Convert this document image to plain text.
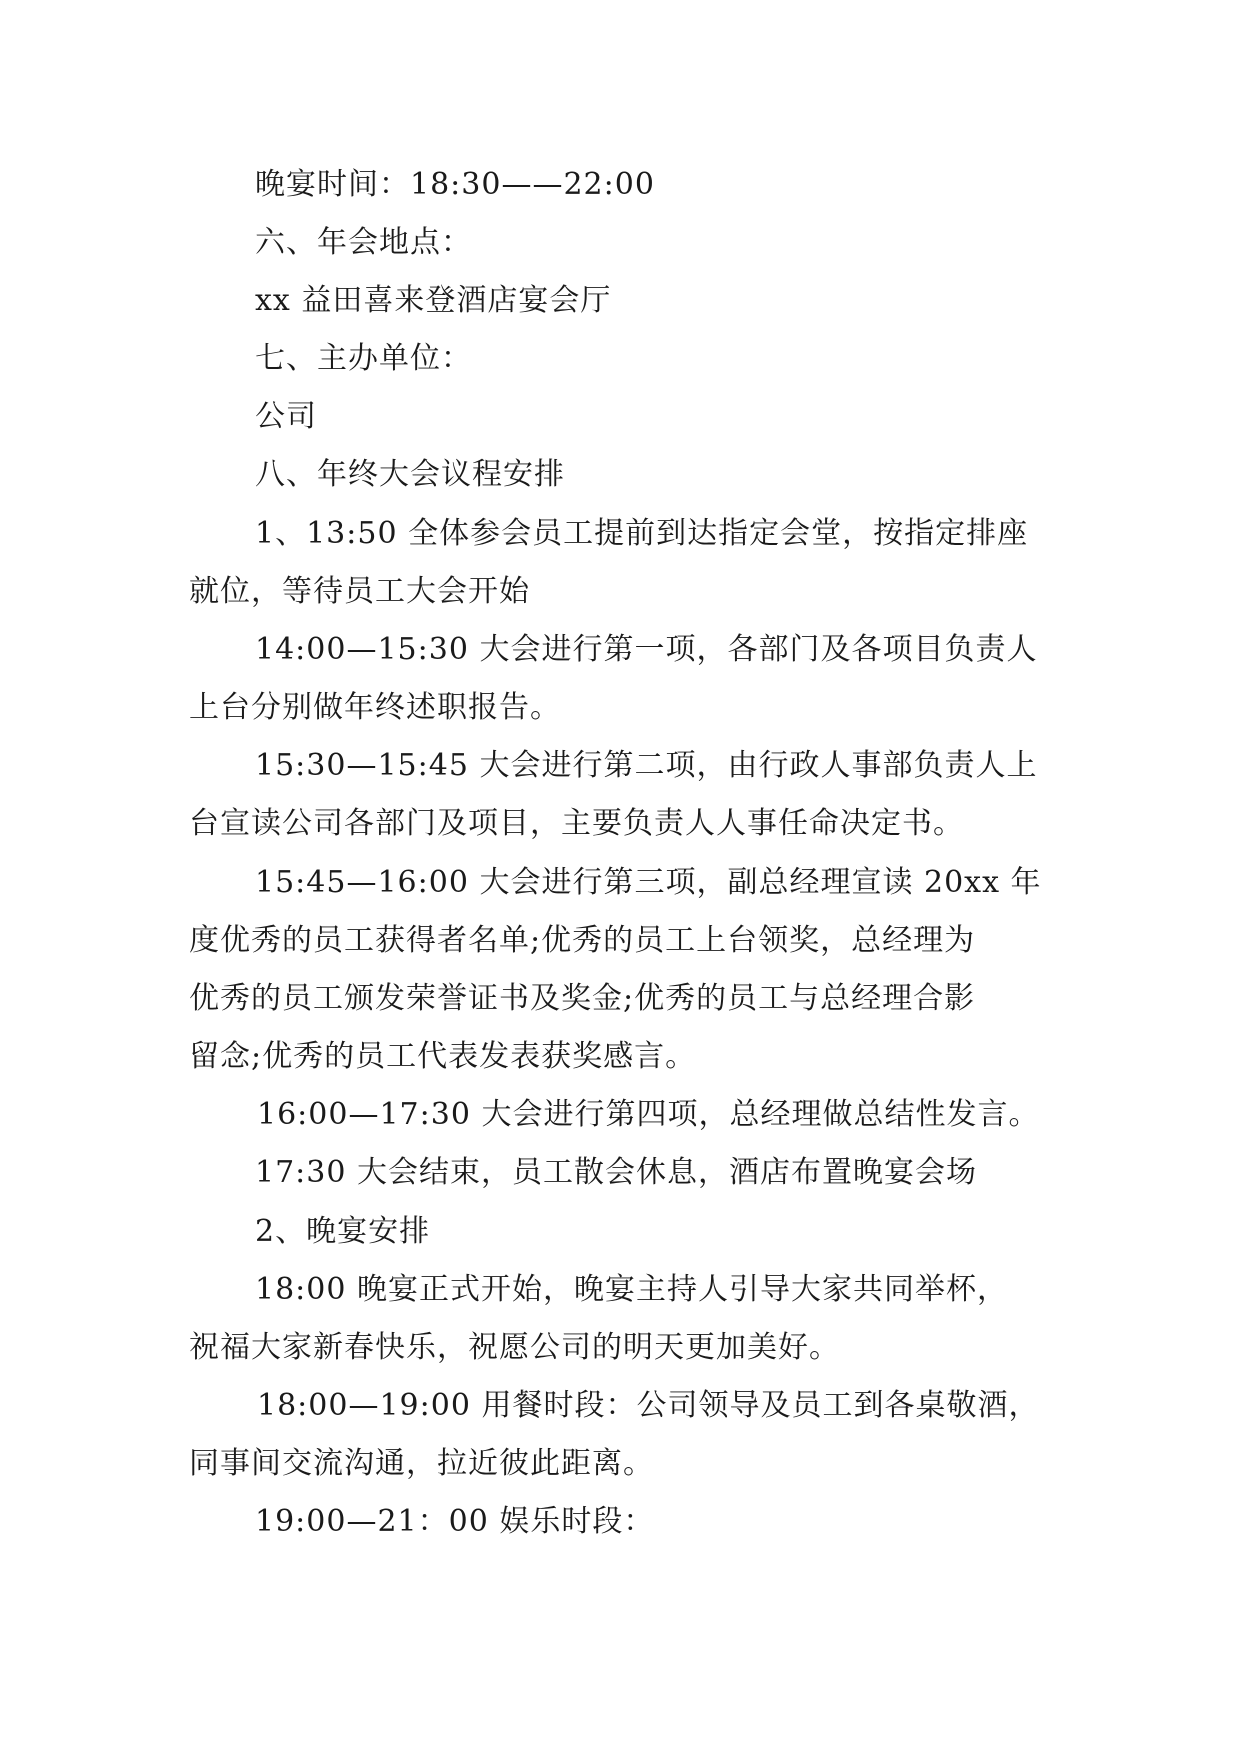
晚宴时间：18:30——22:00
六、年会地点：
xx 益田喜来登酒店宴会厅
七、主办单位：
公司
八、年终大会议程安排
1、13:50 全体参会员工提前到达指定会堂，按指定排座
就位，等待员工大会开始
14:00—15:30 大会进行第一项，各部门及各项目负责人
上台分别做年终述职报告。
15:30—15:45 大会进行第二项，由行政人事部负责人上
台宣读公司各部门及项目，主要负责人人事任命决定书。
15:45—16:00 大会进行第三项，副总经理宣读 20xx 年
度优秀的员工获得者名单;优秀的员工上台领奖，总经理为
优秀的员工颁发荣誉证书及奖金;优秀的员工与总经理合影
留念;优秀的员工代表发表获奖感言。
16:00—17:30 大会进行第四项，总经理做总结性发言。
17:30 大会结束，员工散会休息，酒店布置晚宴会场
2、晚宴安排
18:00 晚宴正式开始，晚宴主持人引导大家共同举杯，
祝福大家新春快乐，祝愿公司的明天更加美好。
18:00—19:00 用餐时段：公司领导及员工到各桌敬酒，
同事间交流沟通，拉近彼此距离。
19:00—21：00 娱乐时段：
